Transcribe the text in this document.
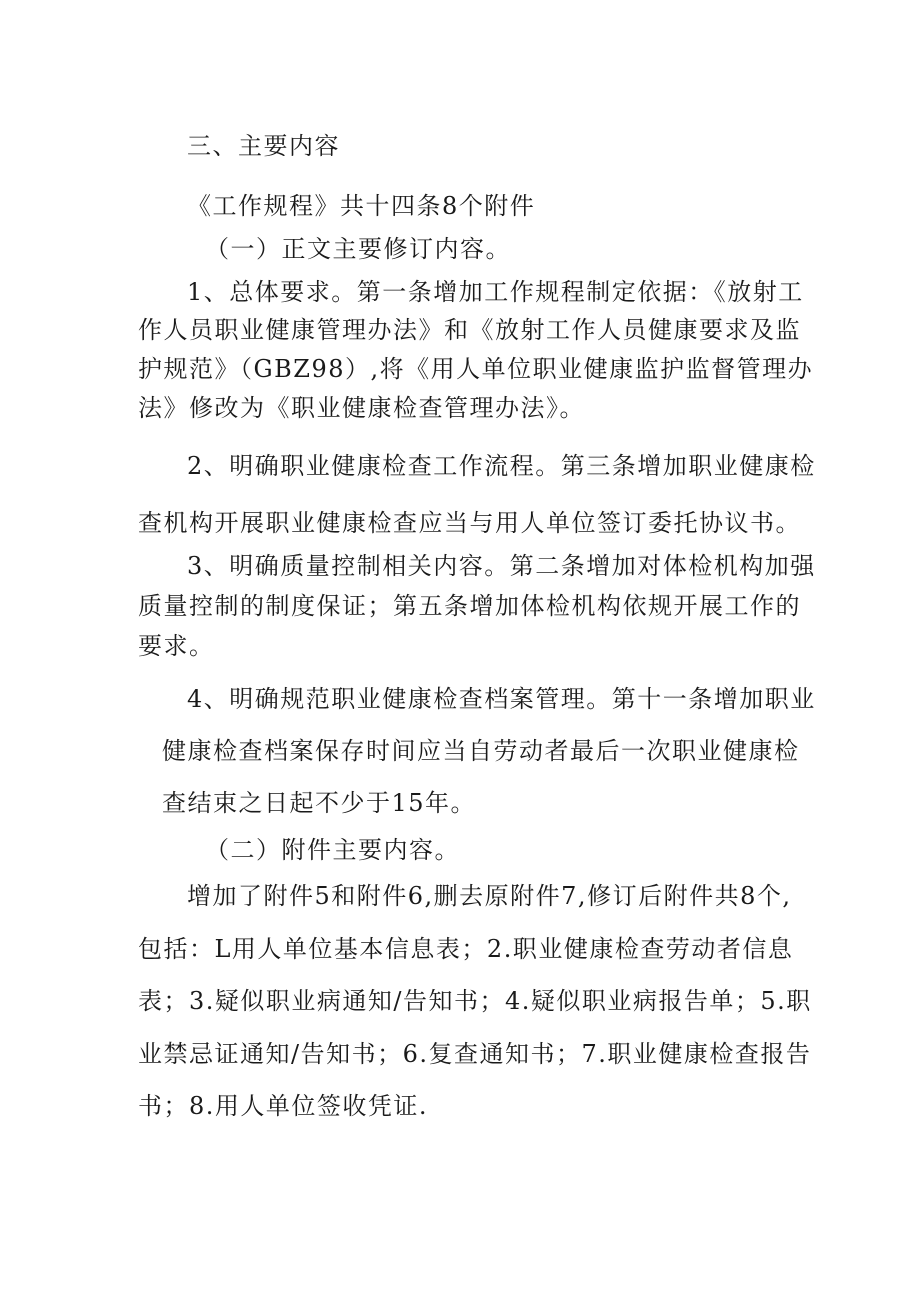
三、主要内容

《工作规程》共十四条8个附件

（一）正文主要修订内容。

1、总体要求。第一条增加工作规程制定依据：《放射工

作人员职业健康管理办法》和《放射工作人员健康要求及监

护规范》（GBZ98）,将《用人单位职业健康监护监督管理办

法》修改为《职业健康检查管理办法》。

2、明确职业健康检查工作流程。第三条增加职业健康检

查机构开展职业健康检查应当与用人单位签订委托协议书。

3、明确质量控制相关内容。第二条增加对体检机构加强

质量控制的制度保证；第五条增加体检机构依规开展工作的

要求。

4、明确规范职业健康检查档案管理。第十一条增加职业

健康检查档案保存时间应当自劳动者最后一次职业健康检

查结束之日起不少于15年。

（二）附件主要内容。

增加了附件5和附件6,删去原附件7,修订后附件共8个,

包括：L用人单位基本信息表；2.职业健康检查劳动者信息

表；3.疑似职业病通知/告知书；4.疑似职业病报告单；5.职

业禁忌证通知/告知书；6.复查通知书；7.职业健康检查报告

书；8.用人单位签收凭证.
